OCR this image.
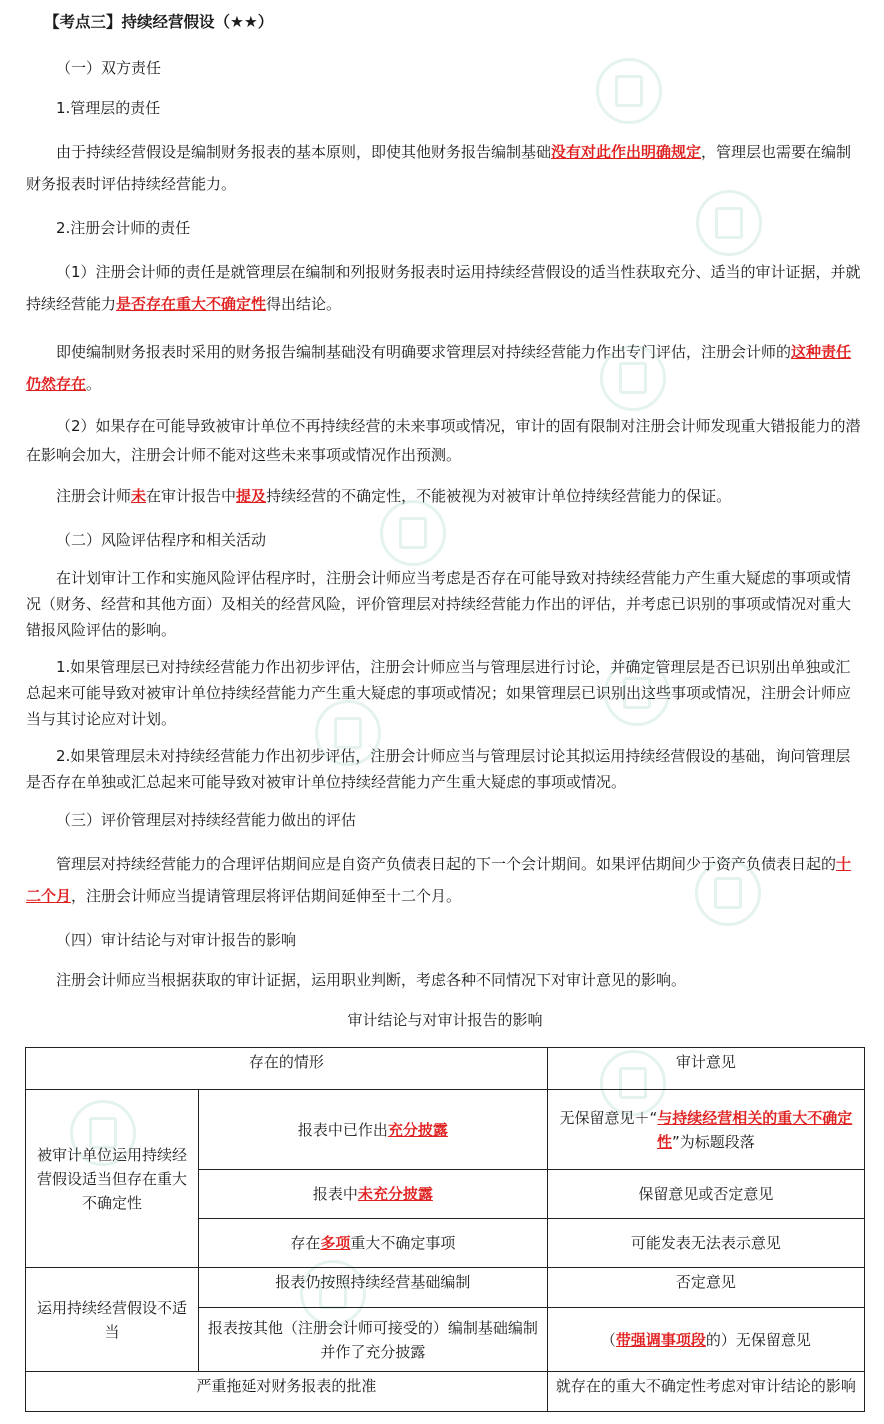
【考点三】持续经营假设（★★）
（一）双方责任
1.管理层的责任
由于持续经营假设是编制财务报表的基本原则，即使其他财务报告编制基础没有对此作出明确规定，管理层也需要在编制财务报表时评估持续经营能力。
2.注册会计师的责任
（1）注册会计师的责任是就管理层在编制和列报财务报表时运用持续经营假设的适当性获取充分、适当的审计证据，并就持续经营能力是否存在重大不确定性得出结论。
即使编制财务报表时采用的财务报告编制基础没有明确要求管理层对持续经营能力作出专门评估，注册会计师的这种责任仍然存在。
（2）如果存在可能导致被审计单位不再持续经营的未来事项或情况，审计的固有限制对注册会计师发现重大错报能力的潜在影响会加大，注册会计师不能对这些未来事项或情况作出预测。
注册会计师未在审计报告中提及持续经营的不确定性，不能被视为对被审计单位持续经营能力的保证。
（二）风险评估程序和相关活动
在计划审计工作和实施风险评估程序时，注册会计师应当考虑是否存在可能导致对持续经营能力产生重大疑虑的事项或情况（财务、经营和其他方面）及相关的经营风险，评价管理层对持续经营能力作出的评估，并考虑已识别的事项或情况对重大错报风险评估的影响。
1.如果管理层已对持续经营能力作出初步评估，注册会计师应当与管理层进行讨论，并确定管理层是否已识别出单独或汇总起来可能导致对被审计单位持续经营能力产生重大疑虑的事项或情况；如果管理层已识别出这些事项或情况，注册会计师应当与其讨论应对计划。
2.如果管理层未对持续经营能力作出初步评估，注册会计师应当与管理层讨论其拟运用持续经营假设的基础，询问管理层是否存在单独或汇总起来可能导致对被审计单位持续经营能力产生重大疑虑的事项或情况。
（三）评价管理层对持续经营能力做出的评估
管理层对持续经营能力的合理评估期间应是自资产负债表日起的下一个会计期间。如果评估期间少于资产负债表日起的十二个月，注册会计师应当提请管理层将评估期间延伸至十二个月。
（四）审计结论与对审计报告的影响
注册会计师应当根据获取的审计证据，运用职业判断，考虑各种不同情况下对审计意见的影响。
审计结论与对审计报告的影响
存在的情形		审计意见
被审计单位运用持续经营假设适当但存在重大不确定性	报表中已作出充分披露	无保留意见＋“与持续经营相关的重大不确定性”为标题段落
	报表中未充分披露	保留意见或否定意见
	存在多项重大不确定事项	可能发表无法表示意见
运用持续经营假设不适当	报表仍按照持续经营基础编制	否定意见
	报表按其他（注册会计师可接受的）编制基础编制并作了充分披露	（带强调事项段的）无保留意见
严重拖延对财务报表的批准		就存在的重大不确定性考虑对审计结论的影响
